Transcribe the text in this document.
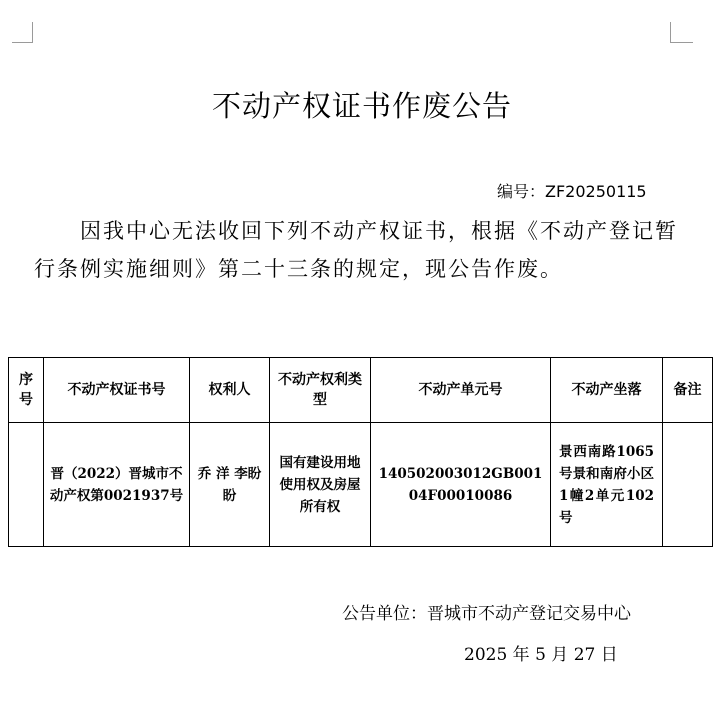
不动产权证书作废公告
编号：ZF20250115
因我中心无法收回下列不动产权证书，根据《不动产登记暂行条例实施细则》第二十三条的规定，现公告作废。
序号	不动产权证书号	权利人	不动产权利类型	不动产单元号	不动产坐落	备注
	晋（2022）晋城市不动产权第0021937号	乔 洋 李盼盼	国有建设用地使用权及房屋所有权	140502003012GB00104F00010086	景西南路1065号景和南府小区1幢2单元102号	
公告单位：晋城市不动产登记交易中心
2025 年 5 月 27 日
